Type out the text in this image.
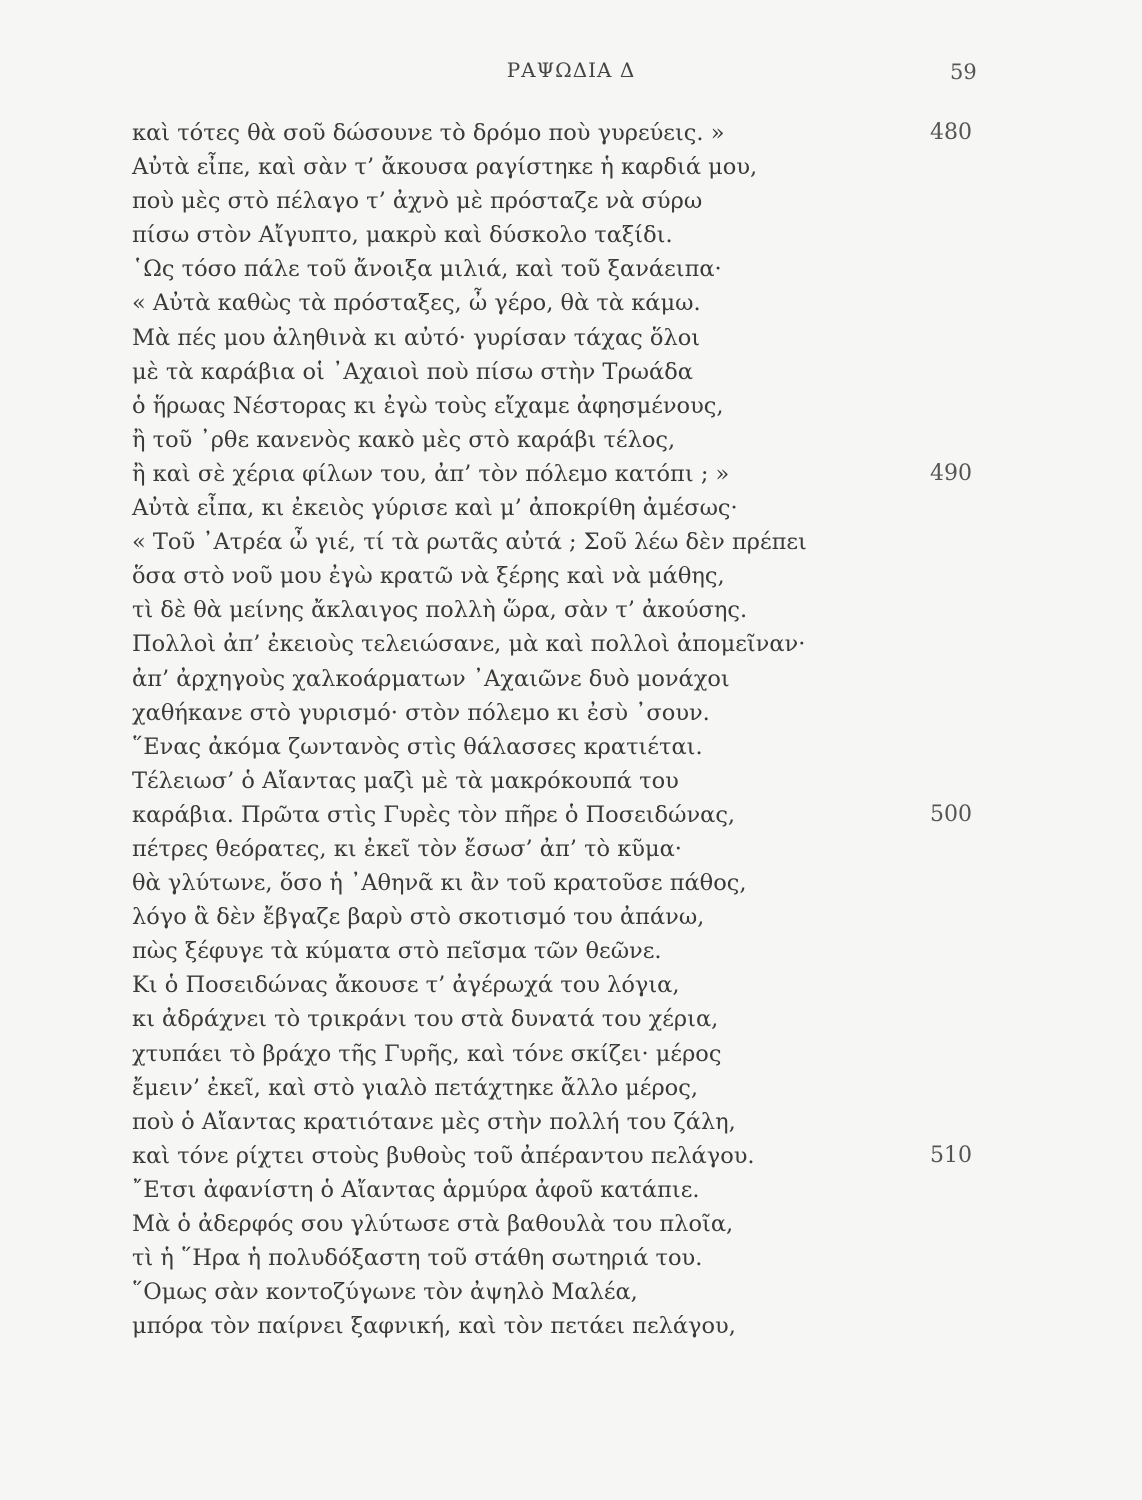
ΡΑΨΩΔΙΑ Δ	59
καὶ τότες θὰ σοῦ δώσουνε τὸ δρόμο ποὺ γυρεύεις. »	480
Αὐτὰ εἶπε, καὶ σὰν τ’ ἄκουσα ραγίστηκε ἡ καρδιά μου,
ποὺ μὲς στὸ πέλαγο τ’ ἀχνὸ μὲ πρόσταζε νὰ σύρω
πίσω στὸν Αἴγυπτο, μακρὺ καὶ δύσκολο ταξίδι.
῾Ως τόσο πάλε τοῦ ἄνοιξα μιλιά, καὶ τοῦ ξανάειπα·
« Αὐτὰ καθὼς τὰ πρόσταξες, ὦ γέρο, θὰ τὰ κάμω.
Μὰ πές μου ἀληθινὰ κι αὐτό· γυρίσαν τάχας ὅλοι
μὲ τὰ καράβια οἱ ᾿Αχαιοὶ ποὺ πίσω στὴν Τρωάδα
ὁ ἥρωας Νέστορας κι ἐγὼ τοὺς εἴχαμε ἀφησμένους,
ἢ τοῦ ᾿ρθε κανενὸς κακὸ μὲς στὸ καράβι τέλος,
ἢ καὶ σὲ χέρια φίλων του, ἀπ’ τὸν πόλεμο κατόπι ; »	490
Αὐτὰ εἶπα, κι ἐκειὸς γύρισε καὶ μ’ ἀποκρίθη ἀμέσως·
« Τοῦ ᾿Ατρέα ὦ γιέ, τί τὰ ρωτᾶς αὐτά ; Σοῦ λέω δὲν πρέπει
ὅσα στὸ νοῦ μου ἐγὼ κρατῶ νὰ ξέρης καὶ νὰ μάθης,
τὶ δὲ θὰ μείνης ἄκλαιγος πολλὴ ὥρα, σὰν τ’ ἀκούσης.
Πολλοὶ ἀπ’ ἐκειοὺς τελειώσανε, μὰ καὶ πολλοὶ ἀπομεῖναν·
ἀπ’ ἀρχηγοὺς χαλκοάρματων ᾿Αχαιῶνε δυὸ μονάχοι
χαθήκανε στὸ γυρισμό· στὸν πόλεμο κι ἐσὺ ᾿σουν.
῞Ενας ἀκόμα ζωντανὸς στὶς θάλασσες κρατιέται.
Τέλειωσ’ ὁ Αἴαντας μαζὶ μὲ τὰ μακρόκουπά του
καράβια. Πρῶτα στὶς Γυρὲς τὸν πῆρε ὁ Ποσειδώνας,	500
πέτρες θεόρατες, κι ἐκεῖ τὸν ἔσωσ’ ἀπ’ τὸ κῦμα·
θὰ γλύτωνε, ὅσο ἡ ᾿Αθηνᾶ κι ἂν τοῦ κρατοῦσε πάθος,
λόγο ἃ δὲν ἔβγαζε βαρὺ στὸ σκοτισμό του ἀπάνω,
πὼς ξέφυγε τὰ κύματα στὸ πεῖσμα τῶν θεῶνε.
Κι ὁ Ποσειδώνας ἄκουσε τ’ ἀγέρωχά του λόγια,
κι ἀδράχνει τὸ τρικράνι του στὰ δυνατά του χέρια,
χτυπάει τὸ βράχο τῆς Γυρῆς, καὶ τόνε σκίζει· μέρος
ἔμειν’ ἐκεῖ, καὶ στὸ γιαλὸ πετάχτηκε ἄλλο μέρος,
ποὺ ὁ Αἴαντας κρατιότανε μὲς στὴν πολλή του ζάλη,
καὶ τόνε ρίχτει στοὺς βυθοὺς τοῦ ἀπέραντου πελάγου.	510
῎Ετσι ἀφανίστη ὁ Αἴαντας ἁρμύρα ἀφοῦ κατάπιε.
Μὰ ὁ ἀδερφός σου γλύτωσε στὰ βαθουλὰ του πλοῖα,
τὶ ἡ ῞Ηρα ἡ πολυδόξαστη τοῦ στάθη σωτηριά του.
῞Ομως σὰν κοντοζύγωνε τὸν ἀψηλὸ Μαλέα,
μπόρα τὸν παίρνει ξαφνική, καὶ τὸν πετάει πελάγου,
